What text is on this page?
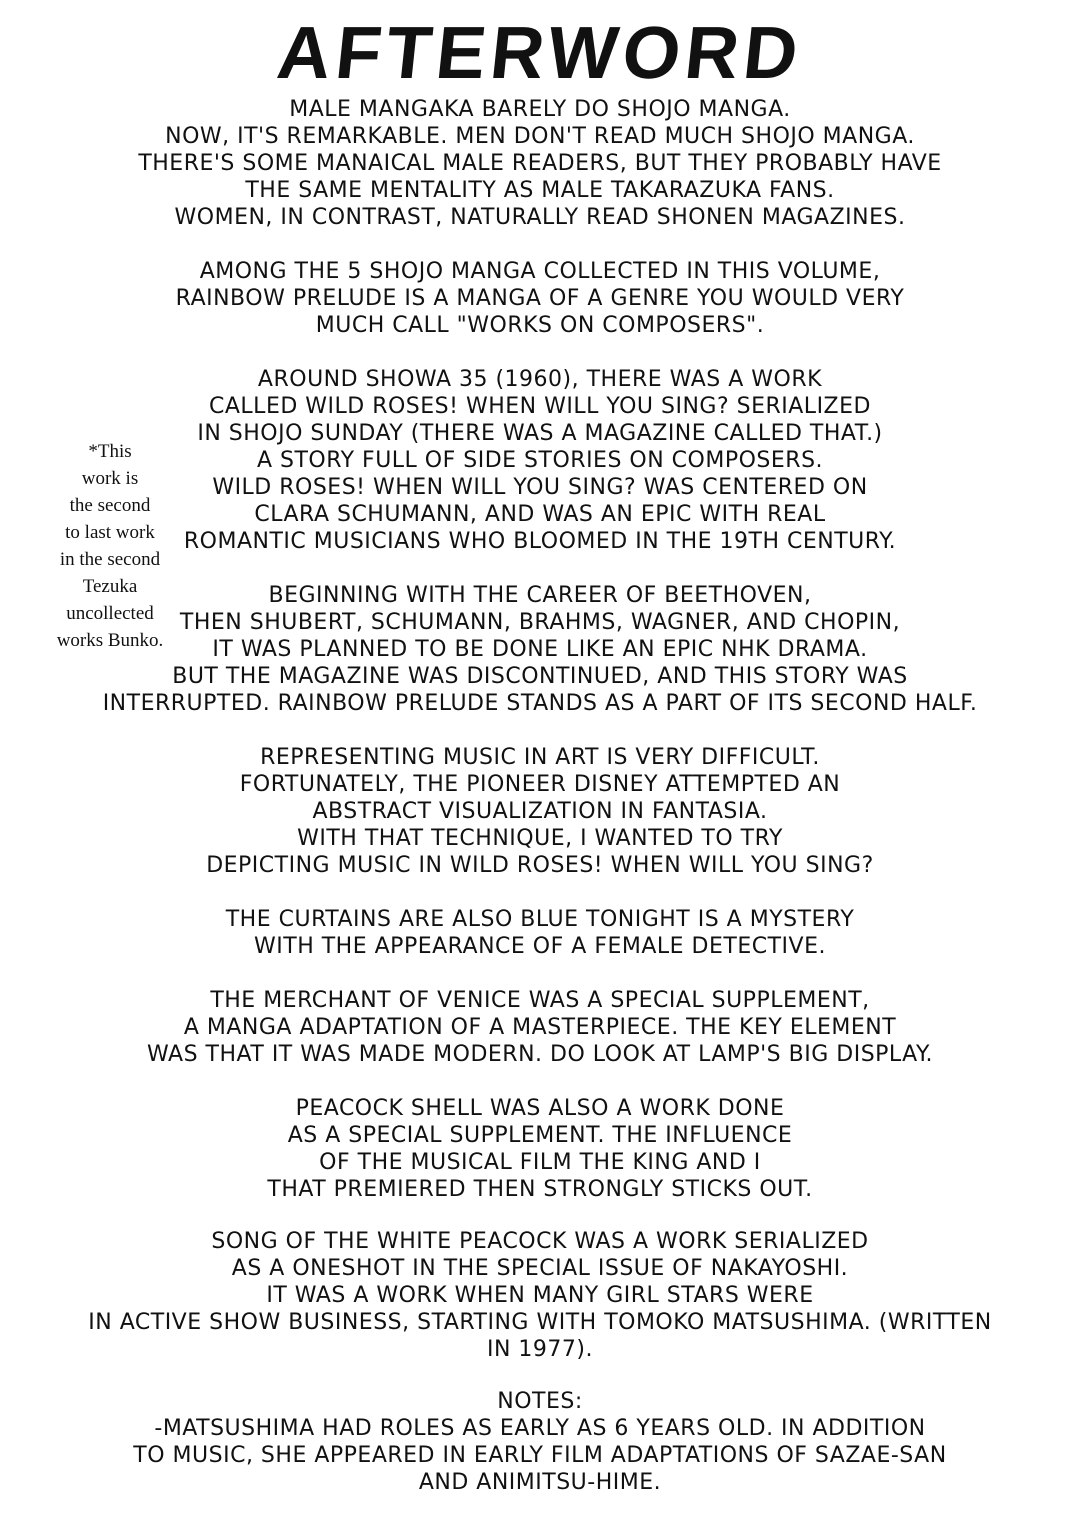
AFTERWORD
*This
work is
the second
to last work
in the second
Tezuka
uncollected
works Bunko.
MALE MANGAKA BARELY DO SHOJO MANGA.
NOW, IT'S REMARKABLE. MEN DON'T READ MUCH SHOJO MANGA.
THERE'S SOME MANAICAL MALE READERS, BUT THEY PROBABLY HAVE
THE SAME MENTALITY AS MALE TAKARAZUKA FANS.
WOMEN, IN CONTRAST, NATURALLY READ SHONEN MAGAZINES.
AMONG THE 5 SHOJO MANGA COLLECTED IN THIS VOLUME,
RAINBOW PRELUDE IS A MANGA OF A GENRE YOU WOULD VERY
MUCH CALL "WORKS ON COMPOSERS".
AROUND SHOWA 35 (1960), THERE WAS A WORK
CALLED WILD ROSES! WHEN WILL YOU SING? SERIALIZED
IN SHOJO SUNDAY (THERE WAS A MAGAZINE CALLED THAT.)
A STORY FULL OF SIDE STORIES ON COMPOSERS.
WILD ROSES! WHEN WILL YOU SING? WAS CENTERED ON
CLARA SCHUMANN, AND WAS AN EPIC WITH REAL
ROMANTIC MUSICIANS WHO BLOOMED IN THE 19TH CENTURY.
BEGINNING WITH THE CAREER OF BEETHOVEN,
THEN SHUBERT, SCHUMANN, BRAHMS, WAGNER, AND CHOPIN,
IT WAS PLANNED TO BE DONE LIKE AN EPIC NHK DRAMA.
BUT THE MAGAZINE WAS DISCONTINUED, AND THIS STORY WAS
INTERRUPTED. RAINBOW PRELUDE STANDS AS A PART OF ITS SECOND HALF.
REPRESENTING MUSIC IN ART IS VERY DIFFICULT.
FORTUNATELY, THE PIONEER DISNEY ATTEMPTED AN
ABSTRACT VISUALIZATION IN FANTASIA.
WITH THAT TECHNIQUE, I WANTED TO TRY
DEPICTING MUSIC IN WILD ROSES! WHEN WILL YOU SING?
THE CURTAINS ARE ALSO BLUE TONIGHT IS A MYSTERY
WITH THE APPEARANCE OF A FEMALE DETECTIVE.
THE MERCHANT OF VENICE WAS A SPECIAL SUPPLEMENT,
A MANGA ADAPTATION OF A MASTERPIECE. THE KEY ELEMENT
WAS THAT IT WAS MADE MODERN. DO LOOK AT LAMP'S BIG DISPLAY.
PEACOCK SHELL WAS ALSO A WORK DONE
AS A SPECIAL SUPPLEMENT. THE INFLUENCE
OF THE MUSICAL FILM THE KING AND I
THAT PREMIERED THEN STRONGLY STICKS OUT.
SONG OF THE WHITE PEACOCK WAS A WORK SERIALIZED
AS A ONESHOT IN THE SPECIAL ISSUE OF NAKAYOSHI.
IT WAS A WORK WHEN MANY GIRL STARS WERE
IN ACTIVE SHOW BUSINESS, STARTING WITH TOMOKO MATSUSHIMA. (WRITTEN
IN 1977).
NOTES:
-MATSUSHIMA HAD ROLES AS EARLY AS 6 YEARS OLD. IN ADDITION
TO MUSIC, SHE APPEARED IN EARLY FILM ADAPTATIONS OF SAZAE-SAN
AND ANIMITSU-HIME.
